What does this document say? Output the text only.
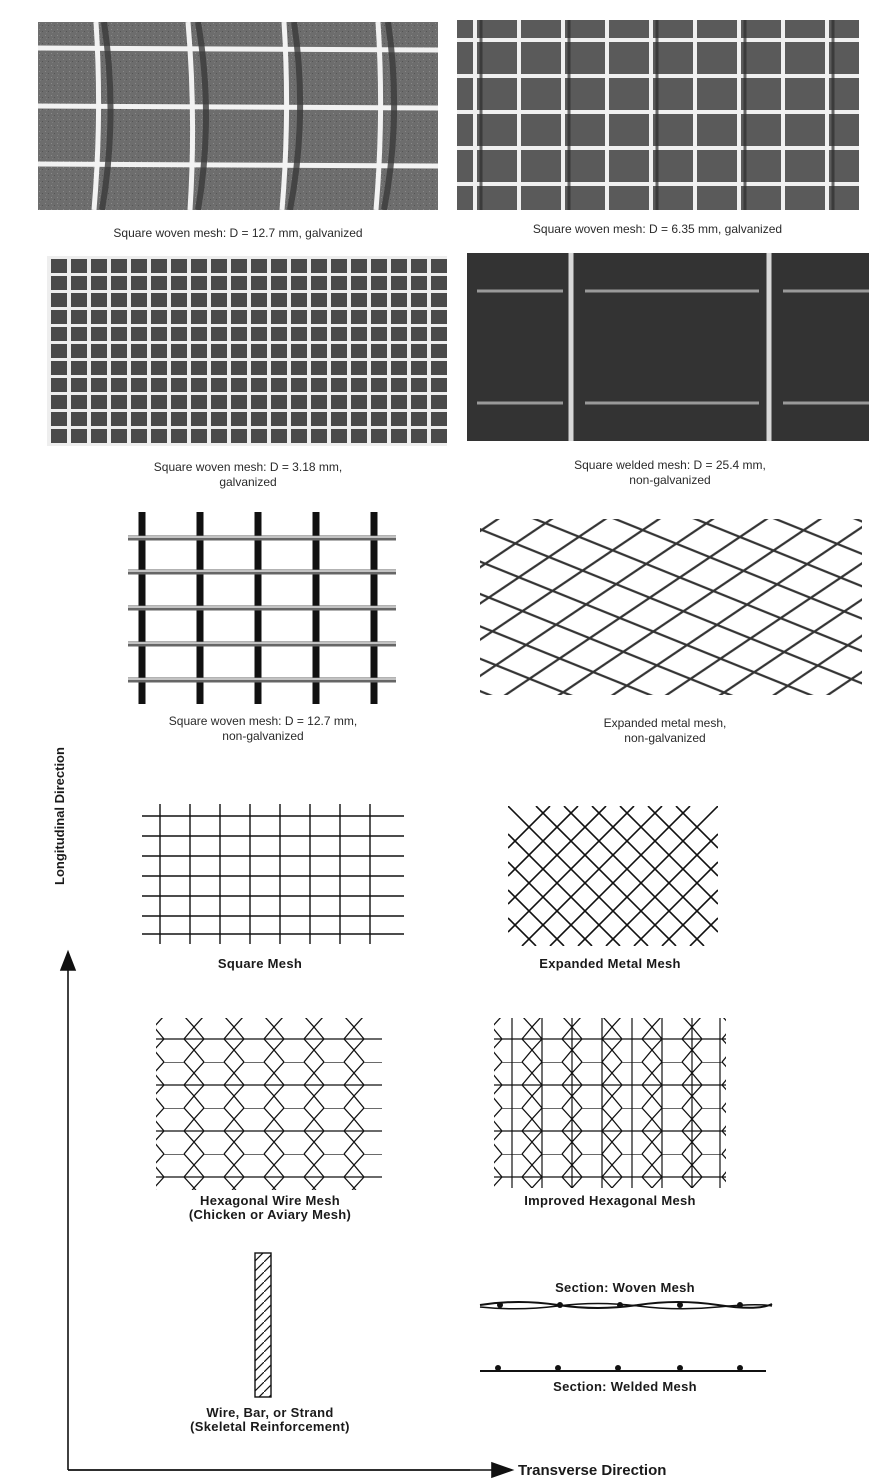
Square woven mesh: D = 12.7 mm, galvanized	Square woven mesh: D = 6.35 mm, galvanized
Square woven mesh: D = 3.18 mm,
galvanized
Square welded mesh: D = 25.4 mm,
non-galvanized
Square woven mesh: D = 12.7 mm,
non-galvanized
Expanded metal mesh,
non-galvanized
Longitudinal Direction
Transverse Direction
Square Mesh	Expanded Metal Mesh
Hexagonal Wire Mesh
(Chicken or Aviary Mesh)
Improved Hexagonal Mesh
Wire, Bar, or Strand
(Skeletal Reinforcement)
Section: Woven Mesh
Section: Welded Mesh
